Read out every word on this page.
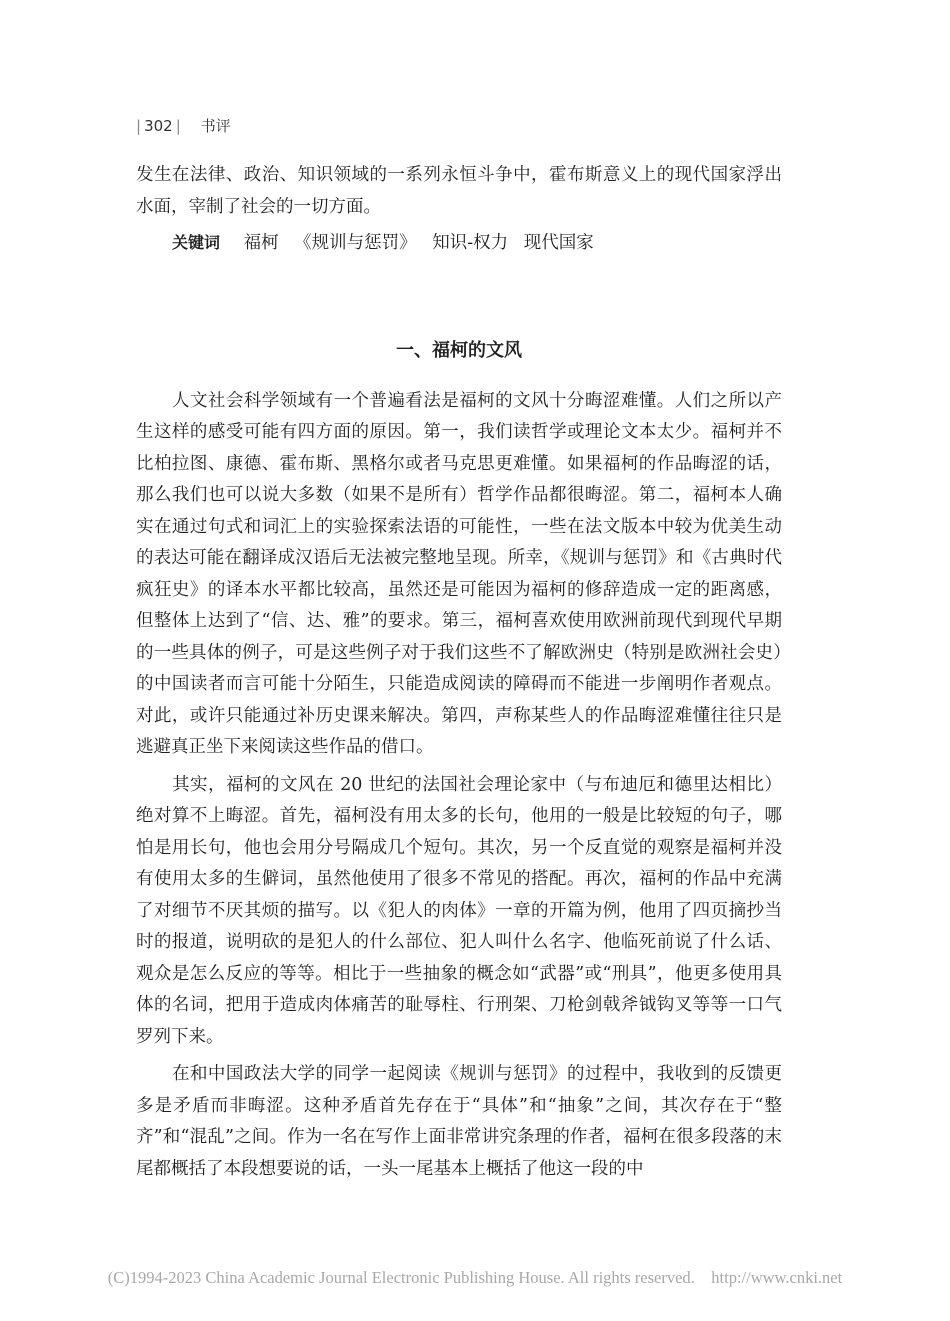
| 302 | 书评

发生在法律、政治、知识领域的一系列永恒斗争中，霍布斯意义上的现代国家浮出水面，宰制了社会的一切方面。

关键词 福柯 《规训与惩罚》 知识-权力 现代国家
一、福柯的文风

人文社会科学领域有一个普遍看法是福柯的文风十分晦涩难懂。人们之所以产生这样的感受可能有四方面的原因。第一，我们读哲学或理论文本太少。福柯并不比柏拉图、康德、霍布斯、黑格尔或者马克思更难懂。如果福柯的作品晦涩的话，那么我们也可以说大多数（如果不是所有）哲学作品都很晦涩。第二，福柯本人确实在通过句式和词汇上的实验探索法语的可能性，一些在法文版本中较为优美生动的表达可能在翻译成汉语后无法被完整地呈现。所幸，《规训与惩罚》和《古典时代疯狂史》的译本水平都比较高，虽然还是可能因为福柯的修辞造成一定的距离感，但整体上达到了“信、达、雅”的要求。第三，福柯喜欢使用欧洲前现代到现代早期的一些具体的例子，可是这些例子对于我们这些不了解欧洲史（特别是欧洲社会史）的中国读者而言可能十分陌生，只能造成阅读的障碍而不能进一步阐明作者观点。对此，或许只能通过补历史课来解决。第四，声称某些人的作品晦涩难懂往往只是逃避真正坐下来阅读这些作品的借口。

其实，福柯的文风在 20 世纪的法国社会理论家中（与布迪厄和德里达相比）绝对算不上晦涩。首先，福柯没有用太多的长句，他用的一般是比较短的句子，哪怕是用长句，他也会用分号隔成几个短句。其次，另一个反直觉的观察是福柯并没有使用太多的生僻词，虽然他使用了很多不常见的搭配。再次，福柯的作品中充满了对细节不厌其烦的描写。以《犯人的肉体》一章的开篇为例，他用了四页摘抄当时的报道，说明砍的是犯人的什么部位、犯人叫什么名字、他临死前说了什么话、观众是怎么反应的等等。相比于一些抽象的概念如“武器”或“刑具”，他更多使用具体的名词，把用于造成肉体痛苦的耻辱柱、行刑架、刀枪剑戟斧钺钩叉等等一口气罗列下来。

在和中国政法大学的同学一起阅读《规训与惩罚》的过程中，我收到的反馈更多是矛盾而非晦涩。这种矛盾首先存在于“具体”和“抽象”之间，其次存在于“整齐”和“混乱”之间。作为一名在写作上面非常讲究条理的作者，福柯在很多段落的末尾都概括了本段想要说的话，一头一尾基本上概括了他这一段的中

(C)1994-2023 China Academic Journal Electronic Publishing House. All rights reserved. http://www.cnki.net
